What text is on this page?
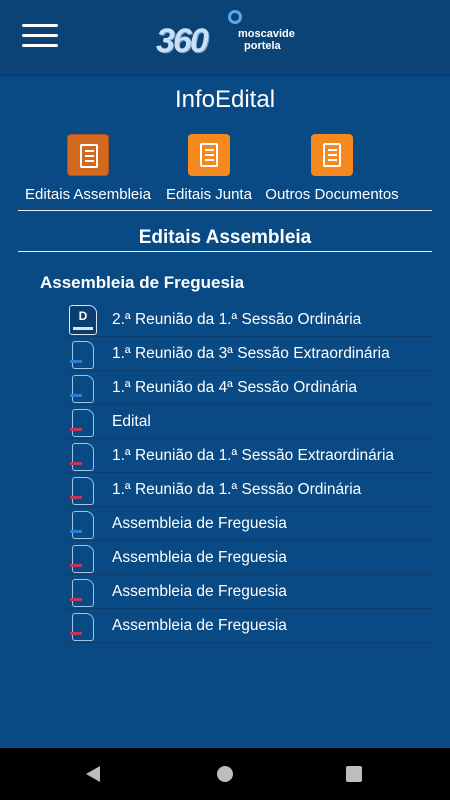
360	moscavide
portela
InfoEdital
Editais Assembleia Editais Junta Outros Documentos
Editais Assembleia
Assembleia de Freguesia
D	2.ª Reunião da 1.ª Sessão Ordinária
1.ª Reunião da 3ª Sessão Extraordinária
1.ª Reunião da 4ª Sessão Ordinária
Edital
1.ª Reunião da 1.ª Sessão Extraordinária
1.ª Reunião da 1.ª Sessão Ordinária
Assembleia de Freguesia
Assembleia de Freguesia
Assembleia de Freguesia
Assembleia de Freguesia
